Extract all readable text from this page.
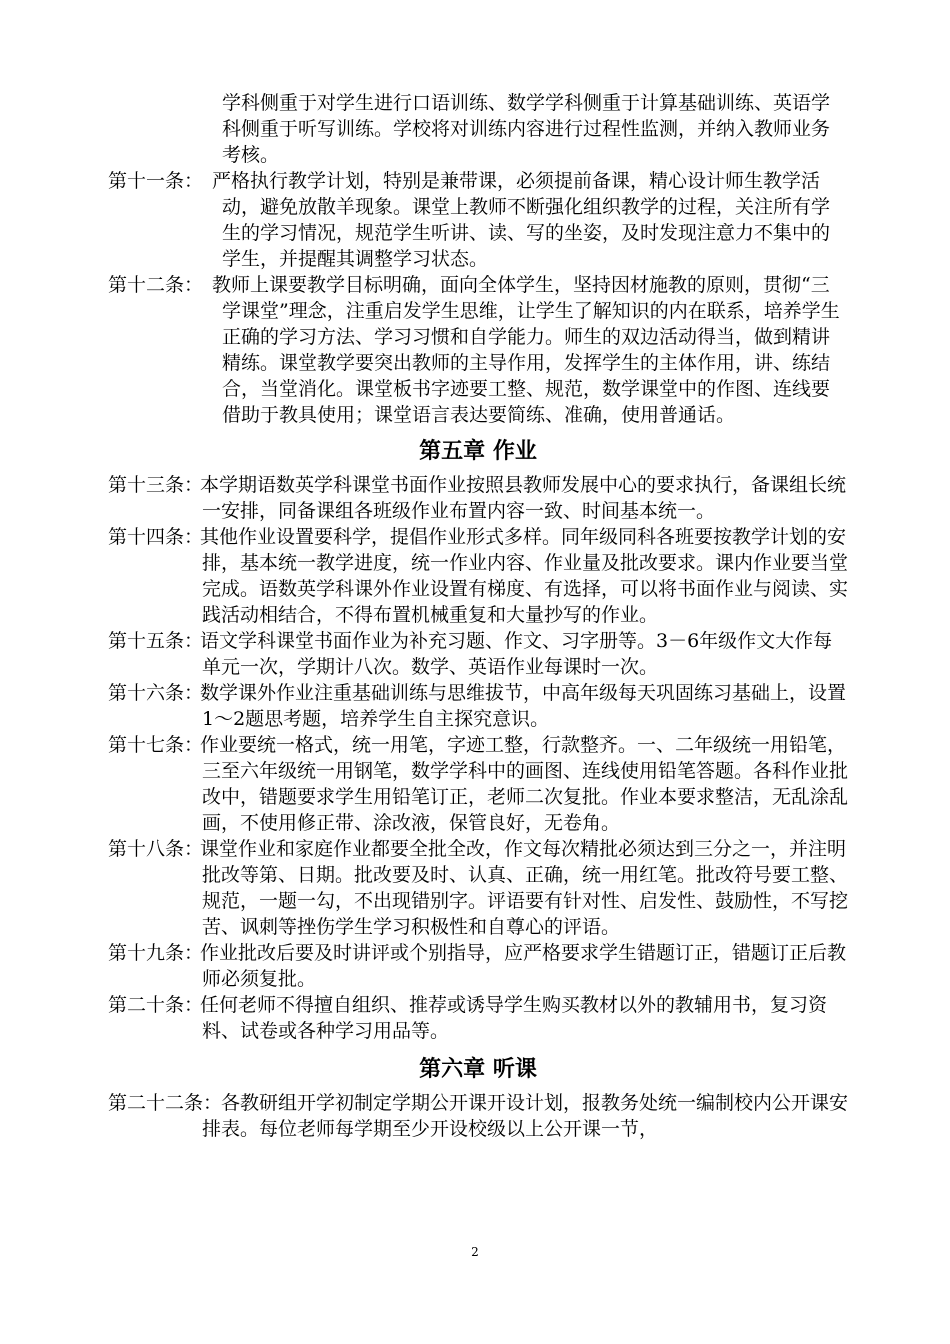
学科侧重于对学生进行口语训练、数学学科侧重于计算基础训练、英语学科侧重于听写训练。学校将对训练内容进行过程性监测，并纳入教师业务考核。
第十一条： 严格执行教学计划，特别是兼带课，必须提前备课，精心设计师生教学活动，避免放散羊现象。课堂上教师不断强化组织教学的过程，关注所有学生的学习情况，规范学生听讲、读、写的坐姿，及时发现注意力不集中的学生，并提醒其调整学习状态。
第十二条： 教师上课要教学目标明确，面向全体学生，坚持因材施教的原则，贯彻“三学课堂”理念，注重启发学生思维，让学生了解知识的内在联系，培养学生正确的学习方法、学习习惯和自学能力。师生的双边活动得当，做到精讲精练。课堂教学要突出教师的主导作用，发挥学生的主体作用，讲、练结合，当堂消化。课堂板书字迹要工整、规范，数学课堂中的作图、连线要借助于教具使用；课堂语言表达要简练、准确，使用普通话。
第五章 作业
第十三条：
本学期语数英学科课堂书面作业按照县教师发展中心的要求执行，备课组长统一安排，同备课组各班级作业布置内容一致、时间基本统一。
第十四条：
其他作业设置要科学，提倡作业形式多样。同年级同科各班要按教学计划的安排，基本统一教学进度，统一作业内容、作业量及批改要求。课内作业要当堂完成。语数英学科课外作业设置有梯度、有选择，可以将书面作业与阅读、实践活动相结合，不得布置机械重复和大量抄写的作业。
第十五条：
语文学科课堂书面作业为补充习题、作文、习字册等。3－6年级作文大作每单元一次，学期计八次。数学、英语作业每课时一次。
第十六条：
数学课外作业注重基础训练与思维拔节，中高年级每天巩固练习基础上，设置1～2题思考题，培养学生自主探究意识。
第十七条：
作业要统一格式，统一用笔，字迹工整，行款整齐。一、二年级统一用铅笔，三至六年级统一用钢笔，数学学科中的画图、连线使用铅笔答题。各科作业批改中，错题要求学生用铅笔订正，老师二次复批。作业本要求整洁，无乱涂乱画，不使用修正带、涂改液，保管良好，无卷角。
第十八条：
课堂作业和家庭作业都要全批全改，作文每次精批必须达到三分之一，并注明批改等第、日期。批改要及时、认真、正确，统一用红笔。批改符号要工整、规范，一题一勾，不出现错别字。评语要有针对性、启发性、鼓励性，不写挖苦、讽刺等挫伤学生学习积极性和自尊心的评语。
第十九条：
作业批改后要及时讲评或个别指导，应严格要求学生错题订正，错题订正后教师必须复批。
第二十条：
任何老师不得擅自组织、推荐或诱导学生购买教材以外的教辅用书，复习资料、试卷或各种学习用品等。
第六章 听课
第二十二条：
各教研组开学初制定学期公开课开设计划，报教务处统一编制校内公开课安排表。每位老师每学期至少开设校级以上公开课一节，
2
